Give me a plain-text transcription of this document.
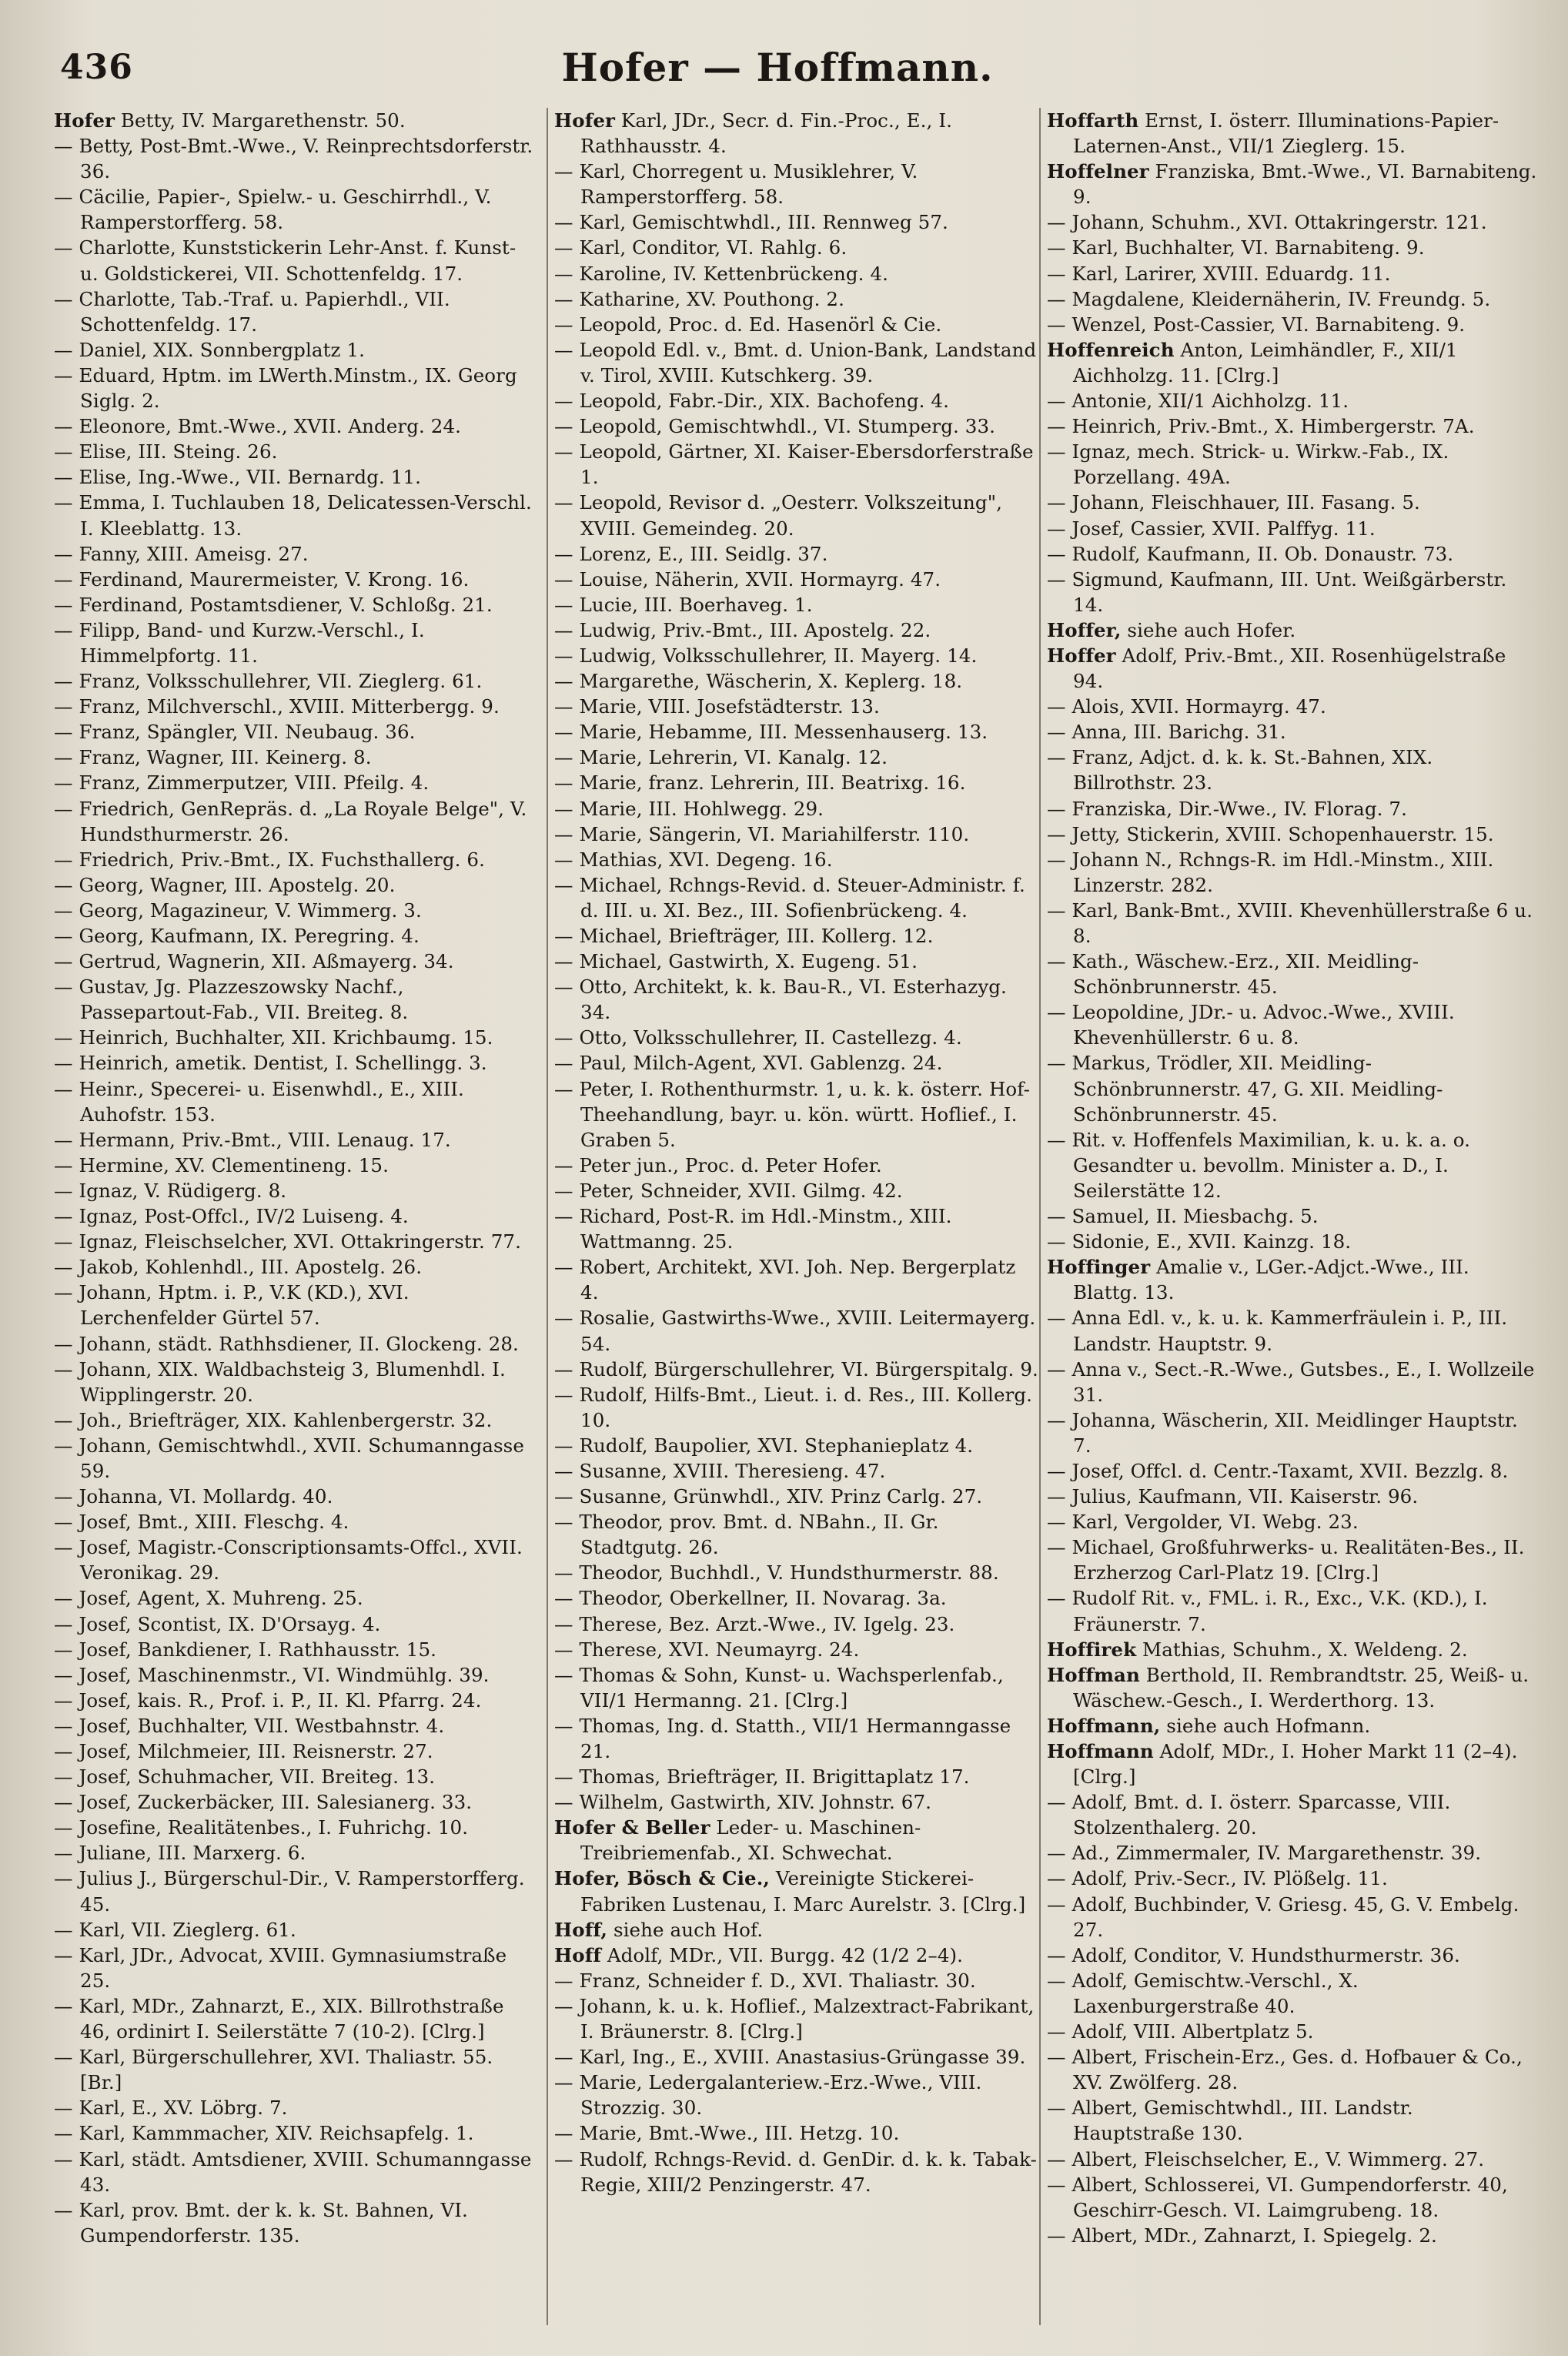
436	Hofer — Hoffmann.
Hofer Betty, IV. Margarethenstr. 50.
— Betty, Post-Bmt.-Wwe., V. Reinprechtsdorferstr. 36.
— Cäcilie, Papier-, Spielw.- u. Geschirrhdl., V. Ramperstorfferg. 58.
— Charlotte, Kunststickerin Lehr-Anst. f. Kunst- u. Goldstickerei, VII. Schottenfeldg. 17.
— Charlotte, Tab.-Traf. u. Papierhdl., VII. Schottenfeldg. 17.
— Daniel, XIX. Sonnbergplatz 1.
— Eduard, Hptm. im LWerth.Minstm., IX. Georg Siglg. 2.
— Eleonore, Bmt.-Wwe., XVII. Anderg. 24.
— Elise, III. Steing. 26.
— Elise, Ing.-Wwe., VII. Bernardg. 11.
— Emma, I. Tuchlauben 18, Delicatessen-Verschl. I. Kleeblattg. 13.
— Fanny, XIII. Ameisg. 27.
— Ferdinand, Maurermeister, V. Krong. 16.
— Ferdinand, Postamtsdiener, V. Schloßg. 21.
— Filipp, Band- und Kurzw.-Verschl., I. Himmelpfortg. 11.
— Franz, Volksschullehrer, VII. Zieglerg. 61.
— Franz, Milchverschl., XVIII. Mitterbergg. 9.
— Franz, Spängler, VII. Neubaug. 36.
— Franz, Wagner, III. Keinerg. 8.
— Franz, Zimmerputzer, VIII. Pfeilg. 4.
— Friedrich, GenRepräs. d. „La Royale Belge", V. Hundsthurmerstr. 26.
— Friedrich, Priv.-Bmt., IX. Fuchsthallerg. 6.
— Georg, Wagner, III. Apostelg. 20.
— Georg, Magazineur, V. Wimmerg. 3.
— Georg, Kaufmann, IX. Peregring. 4.
— Gertrud, Wagnerin, XII. Aßmayerg. 34.
— Gustav, Jg. Plazzeszowsky Nachf., Passepartout-Fab., VII. Breiteg. 8.
— Heinrich, Buchhalter, XII. Krichbaumg. 15.
— Heinrich, ametik. Dentist, I. Schellingg. 3.
— Heinr., Specerei- u. Eisenwhdl., E., XIII. Auhofstr. 153.
— Hermann, Priv.-Bmt., VIII. Lenaug. 17.
— Hermine, XV. Clementineng. 15.
— Ignaz, V. Rüdigerg. 8.
— Ignaz, Post-Offcl., IV/2 Luiseng. 4.
— Ignaz, Fleischselcher, XVI. Ottakringerstr. 77.
— Jakob, Kohlenhdl., III. Apostelg. 26.
— Johann, Hptm. i. P., V.K (KD.), XVI. Lerchenfelder Gürtel 57.
— Johann, städt. Rathhsdiener, II. Glockeng. 28.
— Johann, XIX. Waldbachsteig 3, Blumenhdl. I. Wipplingerstr. 20.
— Joh., Briefträger, XIX. Kahlenbergerstr. 32.
— Johann, Gemischtwhdl., XVII. Schumanngasse 59.
— Johanna, VI. Mollardg. 40.
— Josef, Bmt., XIII. Fleschg. 4.
— Josef, Magistr.-Conscriptionsamts-Offcl., XVII. Veronikag. 29.
— Josef, Agent, X. Muhreng. 25.
— Josef, Scontist, IX. D'Orsayg. 4.
— Josef, Bankdiener, I. Rathhausstr. 15.
— Josef, Maschinenmstr., VI. Windmühlg. 39.
— Josef, kais. R., Prof. i. P., II. Kl. Pfarrg. 24.
— Josef, Buchhalter, VII. Westbahnstr. 4.
— Josef, Milchmeier, III. Reisnerstr. 27.
— Josef, Schuhmacher, VII. Breiteg. 13.
— Josef, Zuckerbäcker, III. Salesianerg. 33.
— Josefine, Realitätenbes., I. Fuhrichg. 10.
— Juliane, III. Marxerg. 6.
— Julius J., Bürgerschul-Dir., V. Ramperstorfferg. 45.
— Karl, VII. Zieglerg. 61.
— Karl, JDr., Advocat, XVIII. Gymnasiumstraße 25.
— Karl, MDr., Zahnarzt, E., XIX. Billrothstraße 46, ordinirt I. Seilerstätte 7 (10-2). [Clrg.]
— Karl, Bürgerschullehrer, XVI. Thaliastr. 55. [Br.]
— Karl, E., XV. Löbrg. 7.
— Karl, Kammmacher, XIV. Reichsapfelg. 1.
— Karl, städt. Amtsdiener, XVIII. Schumanngasse 43.
— Karl, prov. Bmt. der k. k. St. Bahnen, VI. Gumpendorferstr. 135.
Hofer Karl, JDr., Secr. d. Fin.-Proc., E., I. Rathhausstr. 4.
— Karl, Chorregent u. Musiklehrer, V. Ramperstorfferg. 58.
— Karl, Gemischtwhdl., III. Rennweg 57.
— Karl, Conditor, VI. Rahlg. 6.
— Karoline, IV. Kettenbrückeng. 4.
— Katharine, XV. Pouthong. 2.
— Leopold, Proc. d. Ed. Hasenörl & Cie.
— Leopold Edl. v., Bmt. d. Union-Bank, Landstand v. Tirol, XVIII. Kutschkerg. 39.
— Leopold, Fabr.-Dir., XIX. Bachofeng. 4.
— Leopold, Gemischtwhdl., VI. Stumperg. 33.
— Leopold, Gärtner, XI. Kaiser-Ebersdorferstraße 1.
— Leopold, Revisor d. „Oesterr. Volkszeitung", XVIII. Gemeindeg. 20.
— Lorenz, E., III. Seidlg. 37.
— Louise, Näherin, XVII. Hormayrg. 47.
— Lucie, III. Boerhaveg. 1.
— Ludwig, Priv.-Bmt., III. Apostelg. 22.
— Ludwig, Volksschullehrer, II. Mayerg. 14.
— Margarethe, Wäscherin, X. Keplerg. 18.
— Marie, VIII. Josefstädterstr. 13.
— Marie, Hebamme, III. Messenhauserg. 13.
— Marie, Lehrerin, VI. Kanalg. 12.
— Marie, franz. Lehrerin, III. Beatrixg. 16.
— Marie, III. Hohlwegg. 29.
— Marie, Sängerin, VI. Mariahilferstr. 110.
— Mathias, XVI. Degeng. 16.
— Michael, Rchngs-Revid. d. Steuer-Administr. f. d. III. u. XI. Bez., III. Sofienbrückeng. 4.
— Michael, Briefträger, III. Kollerg. 12.
— Michael, Gastwirth, X. Eugeng. 51.
— Otto, Architekt, k. k. Bau-R., VI. Esterhazyg. 34.
— Otto, Volksschullehrer, II. Castellezg. 4.
— Paul, Milch-Agent, XVI. Gablenzg. 24.
— Peter, I. Rothenthurmstr. 1, u. k. k. österr. Hof-Theehandlung, bayr. u. kön. württ. Hoflief., I. Graben 5.
— Peter jun., Proc. d. Peter Hofer.
— Peter, Schneider, XVII. Gilmg. 42.
— Richard, Post-R. im Hdl.-Minstm., XIII. Wattmanng. 25.
— Robert, Architekt, XVI. Joh. Nep. Bergerplatz 4.
— Rosalie, Gastwirths-Wwe., XVIII. Leitermayerg. 54.
— Rudolf, Bürgerschullehrer, VI. Bürgerspitalg. 9.
— Rudolf, Hilfs-Bmt., Lieut. i. d. Res., III. Kollerg. 10.
— Rudolf, Baupolier, XVI. Stephanieplatz 4.
— Susanne, XVIII. Theresieng. 47.
— Susanne, Grünwhdl., XIV. Prinz Carlg. 27.
— Theodor, prov. Bmt. d. NBahn., II. Gr. Stadtgutg. 26.
— Theodor, Buchhdl., V. Hundsthurmerstr. 88.
— Theodor, Oberkellner, II. Novarag. 3a.
— Therese, Bez. Arzt.-Wwe., IV. Igelg. 23.
— Therese, XVI. Neumayrg. 24.
— Thomas & Sohn, Kunst- u. Wachsperlenfab., VII/1 Hermanng. 21. [Clrg.]
— Thomas, Ing. d. Statth., VII/1 Hermanngasse 21.
— Thomas, Briefträger, II. Brigittaplatz 17.
— Wilhelm, Gastwirth, XIV. Johnstr. 67.
Hofer & Beller Leder- u. Maschinen-Treibriemenfab., XI. Schwechat.
Hofer, Bösch & Cie., Vereinigte Stickerei-Fabriken Lustenau, I. Marc Aurelstr. 3. [Clrg.]
Hoff, siehe auch Hof.
Hoff Adolf, MDr., VII. Burgg. 42 (1/2 2–4).
— Franz, Schneider f. D., XVI. Thaliastr. 30.
— Johann, k. u. k. Hoflief., Malzextract-Fabrikant, I. Bräunerstr. 8. [Clrg.]
— Karl, Ing., E., XVIII. Anastasius-Grüngasse 39.
— Marie, Ledergalanteriew.-Erz.-Wwe., VIII. Strozzig. 30.
— Marie, Bmt.-Wwe., III. Hetzg. 10.
— Rudolf, Rchngs-Revid. d. GenDir. d. k. k. Tabak-Regie, XIII/2 Penzingerstr. 47.
Hoffarth Ernst, I. österr. Illuminations-Papier-Laternen-Anst., VII/1 Zieglerg. 15.
Hoffelner Franziska, Bmt.-Wwe., VI. Barnabiteng. 9.
— Johann, Schuhm., XVI. Ottakringerstr. 121.
— Karl, Buchhalter, VI. Barnabiteng. 9.
— Karl, Larirer, XVIII. Eduardg. 11.
— Magdalene, Kleidernäherin, IV. Freundg. 5.
— Wenzel, Post-Cassier, VI. Barnabiteng. 9.
Hoffenreich Anton, Leimhändler, F., XII/1 Aichholzg. 11. [Clrg.]
— Antonie, XII/1 Aichholzg. 11.
— Heinrich, Priv.-Bmt., X. Himbergerstr. 7A.
— Ignaz, mech. Strick- u. Wirkw.-Fab., IX. Porzellang. 49A.
— Johann, Fleischhauer, III. Fasang. 5.
— Josef, Cassier, XVII. Palffyg. 11.
— Rudolf, Kaufmann, II. Ob. Donaustr. 73.
— Sigmund, Kaufmann, III. Unt. Weißgärberstr. 14.
Hoffer, siehe auch Hofer.
Hoffer Adolf, Priv.-Bmt., XII. Rosenhügelstraße 94.
— Alois, XVII. Hormayrg. 47.
— Anna, III. Barichg. 31.
— Franz, Adjct. d. k. k. St.-Bahnen, XIX. Billrothstr. 23.
— Franziska, Dir.-Wwe., IV. Florag. 7.
— Jetty, Stickerin, XVIII. Schopenhauerstr. 15.
— Johann N., Rchngs-R. im Hdl.-Minstm., XIII. Linzerstr. 282.
— Karl, Bank-Bmt., XVIII. Khevenhüllerstraße 6 u. 8.
— Kath., Wäschew.-Erz., XII. Meidling-Schönbrunnerstr. 45.
— Leopoldine, JDr.- u. Advoc.-Wwe., XVIII. Khevenhüllerstr. 6 u. 8.
— Markus, Trödler, XII. Meidling-Schönbrunnerstr. 47, G. XII. Meidling-Schönbrunnerstr. 45.
— Rit. v. Hoffenfels Maximilian, k. u. k. a. o. Gesandter u. bevollm. Minister a. D., I. Seilerstätte 12.
— Samuel, II. Miesbachg. 5.
— Sidonie, E., XVII. Kainzg. 18.
Hoffinger Amalie v., LGer.-Adjct.-Wwe., III. Blattg. 13.
— Anna Edl. v., k. u. k. Kammerfräulein i. P., III. Landstr. Hauptstr. 9.
— Anna v., Sect.-R.-Wwe., Gutsbes., E., I. Wollzeile 31.
— Johanna, Wäscherin, XII. Meidlinger Hauptstr. 7.
— Josef, Offcl. d. Centr.-Taxamt, XVII. Bezzlg. 8.
— Julius, Kaufmann, VII. Kaiserstr. 96.
— Karl, Vergolder, VI. Webg. 23.
— Michael, Großfuhrwerks- u. Realitäten-Bes., II. Erzherzog Carl-Platz 19. [Clrg.]
— Rudolf Rit. v., FML. i. R., Exc., V.K. (KD.), I. Fräunerstr. 7.
Hoffirek Mathias, Schuhm., X. Weldeng. 2.
Hoffman Berthold, II. Rembrandtstr. 25, Weiß- u. Wäschew.-Gesch., I. Werderthorg. 13.
Hoffmann, siehe auch Hofmann.
Hoffmann Adolf, MDr., I. Hoher Markt 11 (2–4). [Clrg.]
— Adolf, Bmt. d. I. österr. Sparcasse, VIII. Stolzenthalerg. 20.
— Ad., Zimmermaler, IV. Margarethenstr. 39.
— Adolf, Priv.-Secr., IV. Plößelg. 11.
— Adolf, Buchbinder, V. Griesg. 45, G. V. Embelg. 27.
— Adolf, Conditor, V. Hundsthurmerstr. 36.
— Adolf, Gemischtw.-Verschl., X. Laxenburgerstraße 40.
— Adolf, VIII. Albertplatz 5.
— Albert, Frischein-Erz., Ges. d. Hofbauer & Co., XV. Zwölferg. 28.
— Albert, Gemischtwhdl., III. Landstr. Hauptstraße 130.
— Albert, Fleischselcher, E., V. Wimmerg. 27.
— Albert, Schlosserei, VI. Gumpendorferstr. 40, Geschirr-Gesch. VI. Laimgrubeng. 18.
— Albert, MDr., Zahnarzt, I. Spiegelg. 2.
